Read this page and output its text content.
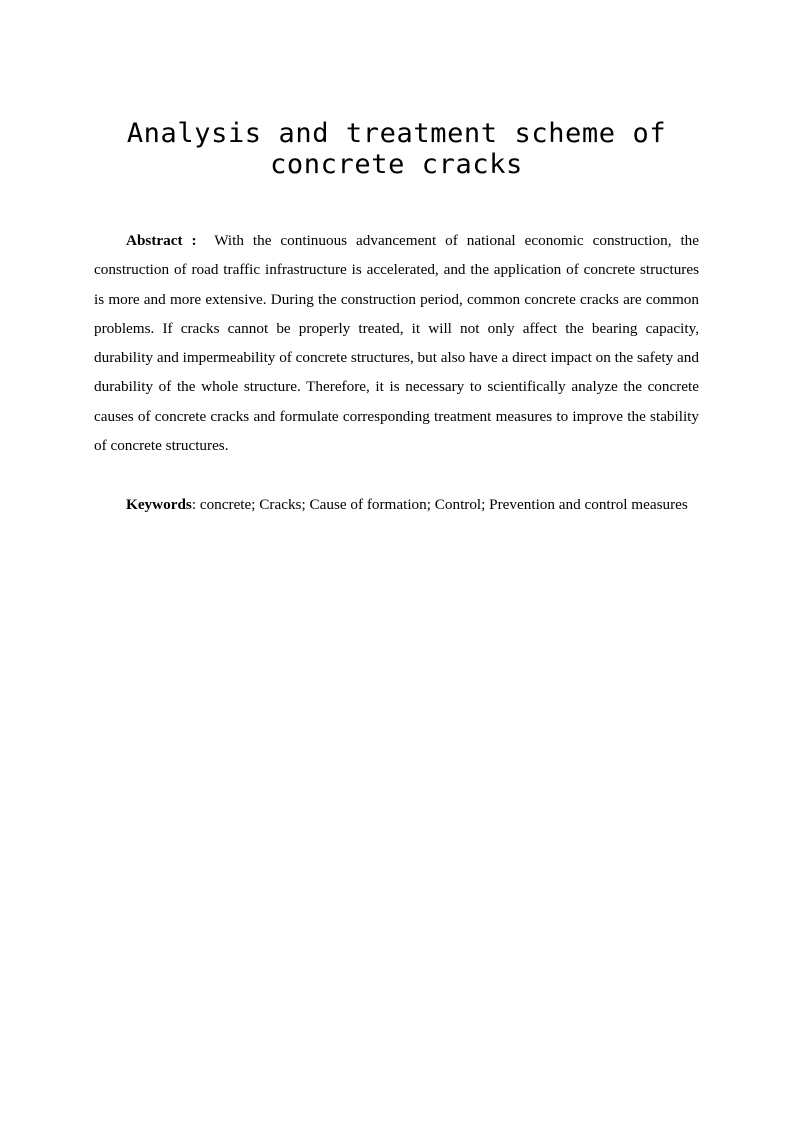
Analysis and treatment scheme of concrete cracks

Abstract : With the continuous advancement of national economic construction, the construction of road traffic infrastructure is accelerated, and the application of concrete structures is more and more extensive. During the construction period, common concrete cracks are common problems. If cracks cannot be properly treated, it will not only affect the bearing capacity, durability and impermeability of concrete structures, but also have a direct impact on the safety and durability of the whole structure. Therefore, it is necessary to scientifically analyze the concrete causes of concrete cracks and formulate corresponding treatment measures to improve the stability of concrete structures.

Keywords: concrete; Cracks; Cause of formation; Control; Prevention and control measures
